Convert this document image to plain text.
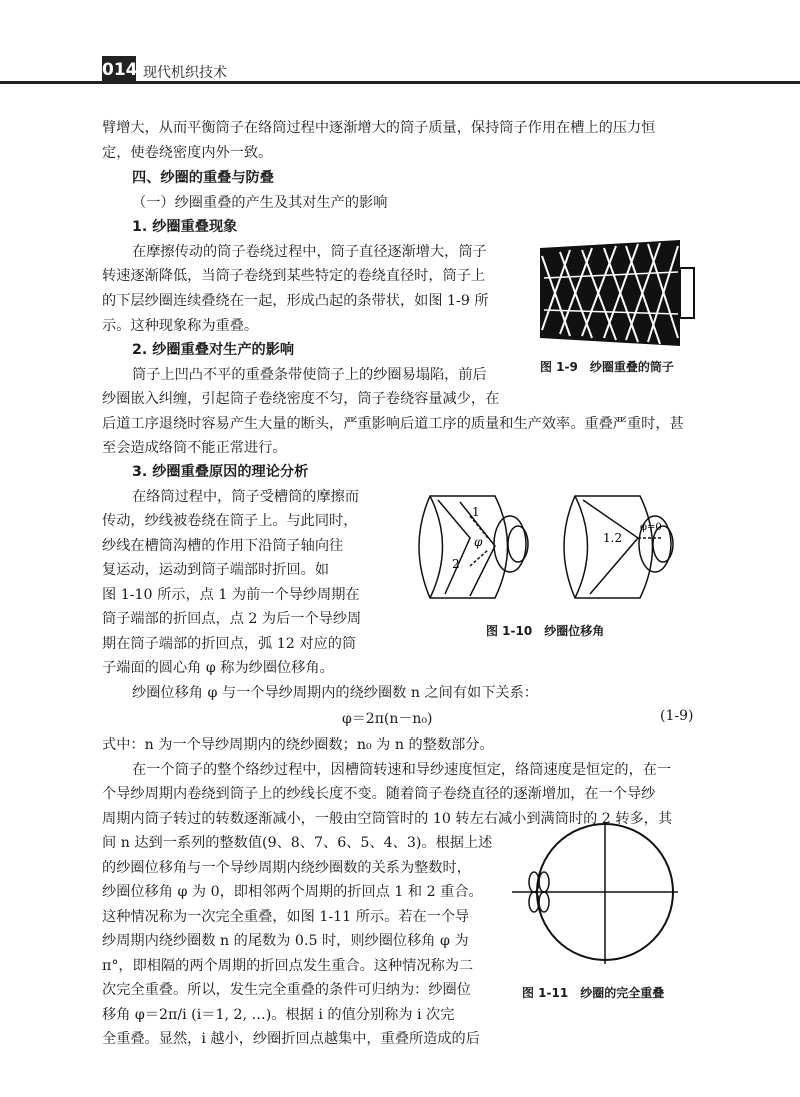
014 现代机织技术
臂增大，从而平衡筒子在络筒过程中逐渐增大的筒子质量，保持筒子作用在槽上的压力恒
定，使卷绕密度内外一致。
四、纱圈的重叠与防叠
（一）纱圈重叠的产生及其对生产的影响
1. 纱圈重叠现象
在摩擦传动的筒子卷绕过程中，筒子直径逐渐增大，筒子
转速逐渐降低，当筒子卷绕到某些特定的卷绕直径时，筒子上
的下层纱圈连续叠绕在一起，形成凸起的条带状，如图 1-9 所
示。这种现象称为重叠。
2. 纱圈重叠对生产的影响
筒子上凹凸不平的重叠条带使筒子上的纱圈易塌陷，前后
纱圈嵌入纠缠，引起筒子卷绕密度不匀，筒子卷绕容量减少，在
后道工序退绕时容易产生大量的断头，严重影响后道工序的质量和生产效率。重叠严重时，甚
至会造成络筒不能正常进行。
3. 纱圈重叠原因的理论分析
在络筒过程中，筒子受槽筒的摩擦而
传动，纱线被卷绕在筒子上。与此同时，
纱线在槽筒沟槽的作用下沿筒子轴向往
复运动，运动到筒子端部时折回。如
图 1-10 所示，点 1 为前一个导纱周期在
筒子端部的折回点，点 2 为后一个导纱周
期在筒子端部的折回点，弧 12 对应的筒
子端面的圆心角 φ 称为纱圈位移角。
纱圈位移角 φ 与一个导纱周期内的绕纱圈数 n 之间有如下关系：
φ＝2π(n－n₀)	(1-9)
式中：n 为一个导纱周期内的绕纱圈数；n₀ 为 n 的整数部分。
在一个筒子的整个络纱过程中，因槽筒转速和导纱速度恒定，络筒速度是恒定的，在一
个导纱周期内卷绕到筒子上的纱线长度不变。随着筒子卷绕直径的逐渐增加，在一个导纱
周期内筒子转过的转数逐渐减小，一般由空筒管时的 10 转左右减小到满筒时的 2 转多，其
间 n 达到一系列的整数值(9、8、7、6、5、4、3)。根据上述
的纱圈位移角与一个导纱周期内绕纱圈数的关系为整数时，
纱圈位移角 φ 为 0，即相邻两个周期的折回点 1 和 2 重合。
这种情况称为一次完全重叠，如图 1-11 所示。若在一个导
纱周期内绕纱圈数 n 的尾数为 0.5 时，则纱圈位移角 φ 为
π°，即相隔的两个周期的折回点发生重合。这种情况称为二
次完全重叠。所以，发生完全重叠的条件可归纳为：纱圈位
移角 φ＝2π/i (i＝1, 2, …)。根据 i 的值分别称为 i 次完
全重叠。显然，i 越小，纱圈折回点越集中，重叠所造成的后
图 1-9　纱圈重叠的筒子
1
2
φ	1.2
φ=0
图 1-10　纱圈位移角
图 1-11　纱圈的完全重叠
